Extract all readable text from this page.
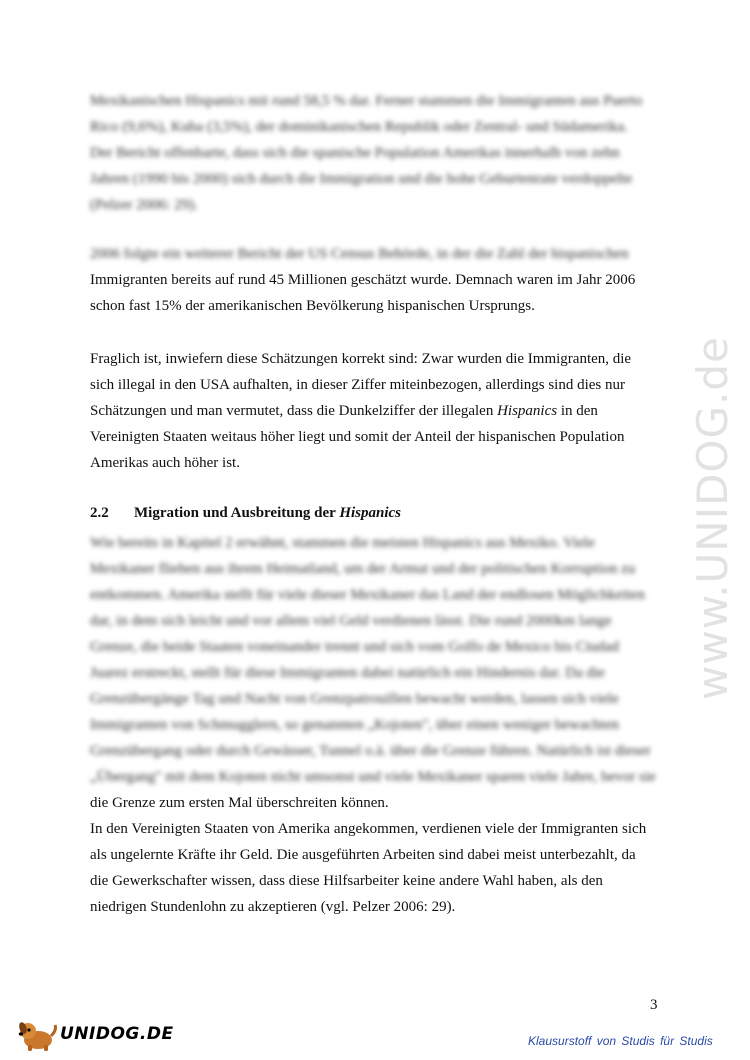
www.UNIDOG.de

Mexikanischen Hispanics mit rund 58,5 % dar. Ferner stammen die Immigranten aus Puerto
Rico (9,6%), Kuba (3,5%), der dominikanischen Republik oder Zentral- und Südamerika.
Der Bericht offenbarte, dass sich die spanische Population Amerikas innerhalb von zehn
Jahren (1990 bis 2000) sich durch die Immigration und die hohe Geburtenrate verdoppelte
(Pelzer 2006: 29).

2006 folgte ein weiterer Bericht der US Census Behörde, in der die Zahl der hispanischen
Immigranten bereits auf rund 45 Millionen geschätzt wurde. Demnach waren im Jahr 2006
schon fast 15% der amerikanischen Bevölkerung hispanischen Ursprungs.

Fraglich ist, inwiefern diese Schätzungen korrekt sind: Zwar wurden die Immigranten, die
sich illegal in den USA aufhalten, in dieser Ziffer miteinbezogen, allerdings sind dies nur
Schätzungen und man vermutet, dass die Dunkelziffer der illegalen Hispanics in den
Vereinigten Staaten weitaus höher liegt und somit der Anteil der hispanischen Population
Amerikas auch höher ist.

2.2 Migration und Ausbreitung der Hispanics

Wie bereits in Kapitel 2 erwähnt, stammen die meisten Hispanics aus Mexiko. Viele
Mexikaner fliehen aus ihrem Heimatland, um der Armut und der politischen Korruption zu
entkommen. Amerika stellt für viele dieser Mexikaner das Land der endlosen Möglichkeiten
dar, in dem sich leicht und vor allem viel Geld verdienen lässt. Die rund 2000km lange
Grenze, die beide Staaten voneinander trennt und sich vom Golfo de Mexico bis Ciudad
Juarez erstreckt, stellt für diese Immigranten dabei natürlich ein Hindernis dar. Da die
Grenzübergänge Tag und Nacht von Grenzpatrouillen bewacht werden, lassen sich viele
Immigranten von Schmugglern, so genannten „Kojoten", über einen weniger bewachten
Grenzübergang oder durch Gewässer, Tunnel o.ä. über die Grenze führen. Natürlich ist dieser
„Übergang" mit dem Kojoten nicht umsonst und viele Mexikaner sparen viele Jahre, bevor sie
die Grenze zum ersten Mal überschreiten können.

In den Vereinigten Staaten von Amerika angekommen, verdienen viele der Immigranten sich
als ungelernte Kräfte ihr Geld. Die ausgeführten Arbeiten sind dabei meist unterbezahlt, da
die Gewerkschafter wissen, dass diese Hilfsarbeiter keine andere Wahl haben, als den
niedrigen Stundenlohn zu akzeptieren (vgl. Pelzer 2006: 29).

3
UNIDOG.DE	Klausurstoff von Studis für Studis
